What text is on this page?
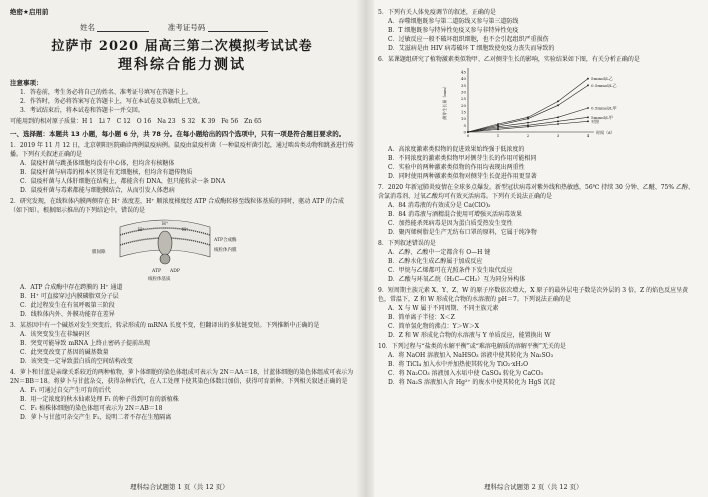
绝密★启用前
姓名	准考证号码
拉萨市 2020 届高三第二次模拟考试试卷
理科综合能力测试
注意事项：
1．答卷前，考生务必将自己的姓名、准考证号填写在答题卡上。
2．作答时，务必将答案写在答题卡上，写在本试卷及草稿纸上无效。
3．考试结束后，将本试卷和答题卡一并交回。
可能用到的相对原子质量：H 1　Li 7　C 12　O 16　Na 23　S 32　K 39　Fe 56　Zn 65
一、选择题：本题共 13 小题，每小题 6 分，共 78 分。在每小题给出的四个选项中，只有一项是符合题目要求的。
1．2019 年 11 月 12 日，北京朝阳医院确诊两例鼠疫病例。鼠疫由鼠疫杆菌（一种鼠疫杆菌引起，通过啮齿类动物和跳蚤进行传播。下列有关叙述正确的是
A．鼠疫杆菌与跳蚤体细胞均没有中心体，但均含有核糖体
B．鼠疫杆菌与病毒的根本区别是有无细胞核，但均含有遗传物质
C．鼠疫杆菌与人体肝细胞在结构上，都能含有 DNA，但只能转录一条 DNA
D．鼠疫杆菌与毒素都能与细胞膜结合，从而引发人体患病
2．研究发现，在线粒体内膜两侧存在 H⁺ 浓度差，H⁺ 顺浓度梯度经 ATP 合成酶转移至线粒体基质的同时，驱动 ATP 的合成（如下图）。根据图示推出的下列结论中，错误的是
H⁺	H⁺
H⁺
ATP ADP
膜间隙
ATP合成酶
线粒体内膜
线粒体基质
A．ATP 合成酶中存在跨膜的 H⁺ 通道
B．H⁺ 可直接穿过内膜磷脂双分子层
C．此过程发生在有氧呼吸第三阶段
D．线粒体内外、外膜功能存在差异
3．某基因中有一个碱基对发生突变后，转录形成的 mRNA 长度不变，但翻译出的多肽链变短。下列推断中正确的是
A．该突变发生在非编码区
B．突变可能导致 mRNA 上终止密码子提前出现
C．此突变改变了基因的碱基数量
D．该突变一定导致蛋白质的空间结构改变
4．萝卜和甘蓝是亲缘关系较近的两种植物，萝卜体细胞的染色体组成可表示为 2N＝AA＝18，甘蓝体细胞的染色体组成可表示为 2N＝BB＝18。将萝卜与甘蓝杂交，获得杂种后代，在人工处理下使其染色体数目加倍，获得可育新种。下列相关叙述正确的是
A．F₁ 可通过自交产生可育的后代
B．用一定浓度的秋水仙素处理 F₁ 的种子得到可育的新植株
C．F₁ 植株体细胞的染色体组可表示为 2N＝AB＝18
D．萝卜与甘蓝可杂交产生 F₁，说明二者不存在生殖隔离
理科综合试题第 1 页（共 12 页）
5．下列有关人体免疫调节的叙述，正确的是
A．吞噬细胞既参与第二道防线又参与第三道防线
B．T 细胞既参与特异性免疫又参与非特异性免疫
C．过敏反应一般不破坏组织细胞，也不会引起组织严重损伤
D．艾滋病是由 HIV 病毒破坏 T 细胞致使免疫力丧失而导致的
6．某课题组研究了植物激素类似物甲、乙对侧芽生长的影响，实验结果如下图，有关分析正确的是
0
5
10
15
20
25
30
35
40
45
0	1	2	3	4
时间（d）
侧芽生长量（mm）
5mmol/L乙
0.5mmol/L乙
0.5mmol/L甲
5mmol/L甲
对照
A．高浓度激素类似物的促进效果始终强于低浓度的
B．不同浓度的激素类似物甲对侧芽生长的作用可能相同
C．实验中的两种激素类似物的作用均表现出两重性
D．同时使用两种激素类似物对侧芽生长促进作用更显著
7．2020 年新冠肺炎疫情在全球多点爆发。新型冠状病毒对紫外线和热敏感，56℃ 持续 30 分钟、乙醚、75% 乙醇、含氯消毒剂、过氧乙酸均可有效灭活病毒。下列有关说法正确的是
A．84 消毒液的有效成分是 Ca(ClO)₂
B．84 消毒液与酒精混合使用可增强灭活病毒效果
C．加热能杀死病毒是因为蛋白质受热发生变性
D．聚丙烯树脂是生产无纺布口罩的原料，它属于纯净物
8．下列叙述错误的是
A．乙醇、乙酸中一定都含有 O—H 键
B．乙醇水化生成乙醇属于加成反应
C．甲烷与乙烯都可在光照条件下发生取代反应
D．乙酸与环氧乙烷（H₂C—CH₂）互为同分异构体
9．短周期主族元素 X、Y、Z、W 的原子序数依次增大，X 原子的最外层电子数是次外层的 3 倍，Z 的焰色反应呈黄色，常温下，Z 和 W 形成化合物的水溶液的 pH＝7。下列说法正确的是
A．X 与 W 属于不同周期、不同主族元素
B．简单离子半径：X＜Z
C．简单氢化物的沸点：Y＞W＞X
D．Z 和 W 形成化合物的水溶液与 Y 单质反应，能置换出 W
10．下列过程与“盐类的水解平衡”或“难溶电解质的溶解平衡”无关的是
A．将 NaOH 溶液加入 NaHSO₃ 溶液中使其转化为 Na₂SO₃
B．将 TiCl₄ 加入水中并加热使其转化为 TiO₂·xH₂O
C．将 Na₂CO₃ 溶液加入水垢中使 CaSO₄ 转化为 CaCO₃
D．将 Na₂S 溶液加入含 Hg²⁺ 的废水中使其转化为 HgS 沉淀
理科综合试题第 2 页（共 12 页）
